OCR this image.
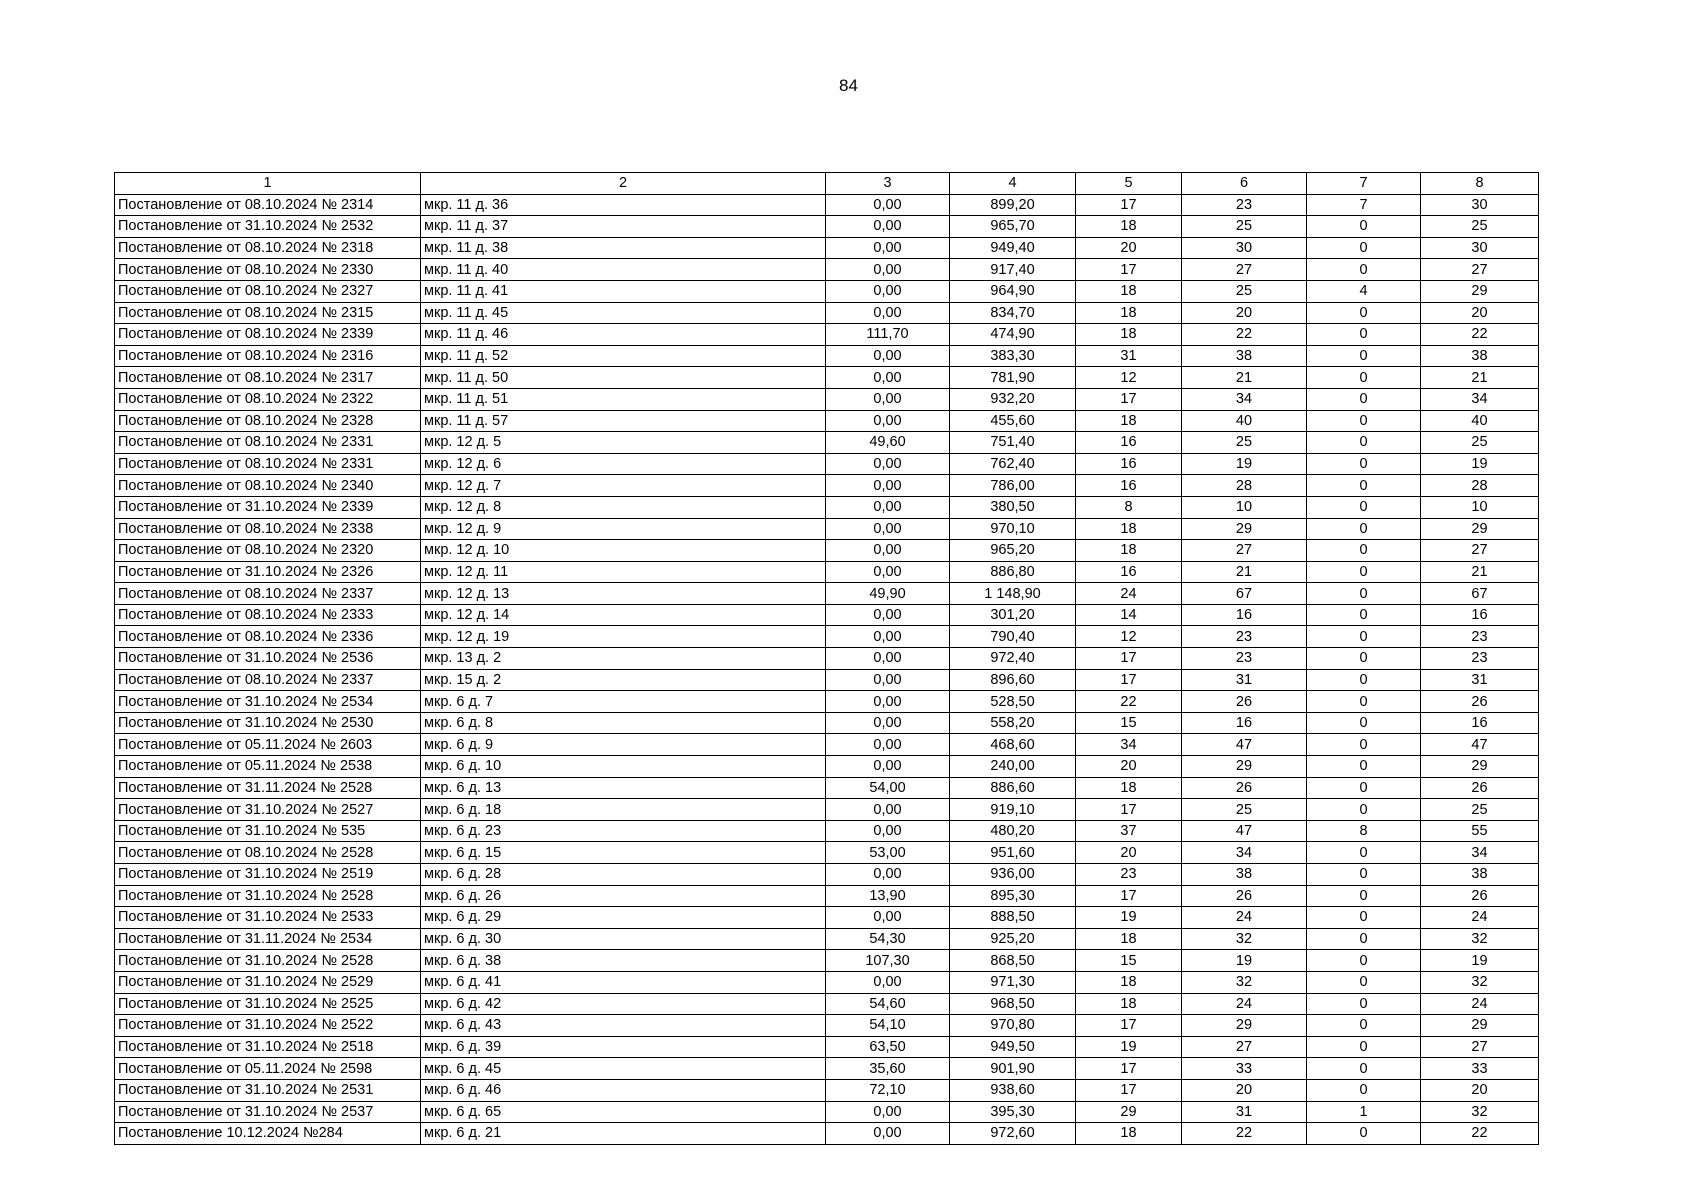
84
1	2	3	4	5	6	7	8
Постановление от 08.10.2024 № 2314	мкр. 11 д. 36	0,00	899,20	17	23	7	30
Постановление от 31.10.2024 № 2532	мкр. 11 д. 37	0,00	965,70	18	25	0	25
Постановление от 08.10.2024 № 2318	мкр. 11 д. 38	0,00	949,40	20	30	0	30
Постановление от 08.10.2024 № 2330	мкр. 11 д. 40	0,00	917,40	17	27	0	27
Постановление от 08.10.2024 № 2327	мкр. 11 д. 41	0,00	964,90	18	25	4	29
Постановление от 08.10.2024 № 2315	мкр. 11 д. 45	0,00	834,70	18	20	0	20
Постановление от 08.10.2024 № 2339	мкр. 11 д. 46	111,70	474,90	18	22	0	22
Постановление от 08.10.2024 № 2316	мкр. 11 д. 52	0,00	383,30	31	38	0	38
Постановление от 08.10.2024 № 2317	мкр. 11 д. 50	0,00	781,90	12	21	0	21
Постановление от 08.10.2024 № 2322	мкр. 11 д. 51	0,00	932,20	17	34	0	34
Постановление от 08.10.2024 № 2328	мкр. 11 д. 57	0,00	455,60	18	40	0	40
Постановление от 08.10.2024 № 2331	мкр. 12 д. 5	49,60	751,40	16	25	0	25
Постановление от 08.10.2024 № 2331	мкр. 12 д. 6	0,00	762,40	16	19	0	19
Постановление от 08.10.2024 № 2340	мкр. 12 д. 7	0,00	786,00	16	28	0	28
Постановление от 31.10.2024 № 2339	мкр. 12 д. 8	0,00	380,50	8	10	0	10
Постановление от 08.10.2024 № 2338	мкр. 12 д. 9	0,00	970,10	18	29	0	29
Постановление от 08.10.2024 № 2320	мкр. 12 д. 10	0,00	965,20	18	27	0	27
Постановление от 31.10.2024 № 2326	мкр. 12 д. 11	0,00	886,80	16	21	0	21
Постановление от 08.10.2024 № 2337	мкр. 12 д. 13	49,90	1 148,90	24	67	0	67
Постановление от 08.10.2024 № 2333	мкр. 12 д. 14	0,00	301,20	14	16	0	16
Постановление от 08.10.2024 № 2336	мкр. 12 д. 19	0,00	790,40	12	23	0	23
Постановление от 31.10.2024 № 2536	мкр. 13 д. 2	0,00	972,40	17	23	0	23
Постановление от 08.10.2024 № 2337	мкр. 15 д. 2	0,00	896,60	17	31	0	31
Постановление от 31.10.2024 № 2534	мкр. 6 д. 7	0,00	528,50	22	26	0	26
Постановление от 31.10.2024 № 2530	мкр. 6 д. 8	0,00	558,20	15	16	0	16
Постановление от 05.11.2024 № 2603	мкр. 6 д. 9	0,00	468,60	34	47	0	47
Постановление от 05.11.2024 № 2538	мкр. 6 д. 10	0,00	240,00	20	29	0	29
Постановление от 31.11.2024 № 2528	мкр. 6 д. 13	54,00	886,60	18	26	0	26
Постановление от 31.10.2024 № 2527	мкр. 6 д. 18	0,00	919,10	17	25	0	25
Постановление от 31.10.2024 № 535	мкр. 6 д. 23	0,00	480,20	37	47	8	55
Постановление от 08.10.2024 № 2528	мкр. 6 д. 15	53,00	951,60	20	34	0	34
Постановление от 31.10.2024 № 2519	мкр. 6 д. 28	0,00	936,00	23	38	0	38
Постановление от 31.10.2024 № 2528	мкр. 6 д. 26	13,90	895,30	17	26	0	26
Постановление от 31.10.2024 № 2533	мкр. 6 д. 29	0,00	888,50	19	24	0	24
Постановление от 31.11.2024 № 2534	мкр. 6 д. 30	54,30	925,20	18	32	0	32
Постановление от 31.10.2024 № 2528	мкр. 6 д. 38	107,30	868,50	15	19	0	19
Постановление от 31.10.2024 № 2529	мкр. 6 д. 41	0,00	971,30	18	32	0	32
Постановление от 31.10.2024 № 2525	мкр. 6 д. 42	54,60	968,50	18	24	0	24
Постановление от 31.10.2024 № 2522	мкр. 6 д. 43	54,10	970,80	17	29	0	29
Постановление от 31.10.2024 № 2518	мкр. 6 д. 39	63,50	949,50	19	27	0	27
Постановление от 05.11.2024 № 2598	мкр. 6 д. 45	35,60	901,90	17	33	0	33
Постановление от 31.10.2024 № 2531	мкр. 6 д. 46	72,10	938,60	17	20	0	20
Постановление от 31.10.2024 № 2537	мкр. 6 д. 65	0,00	395,30	29	31	1	32
Постановление 10.12.2024 №284	мкр. 6 д. 21	0,00	972,60	18	22	0	22
